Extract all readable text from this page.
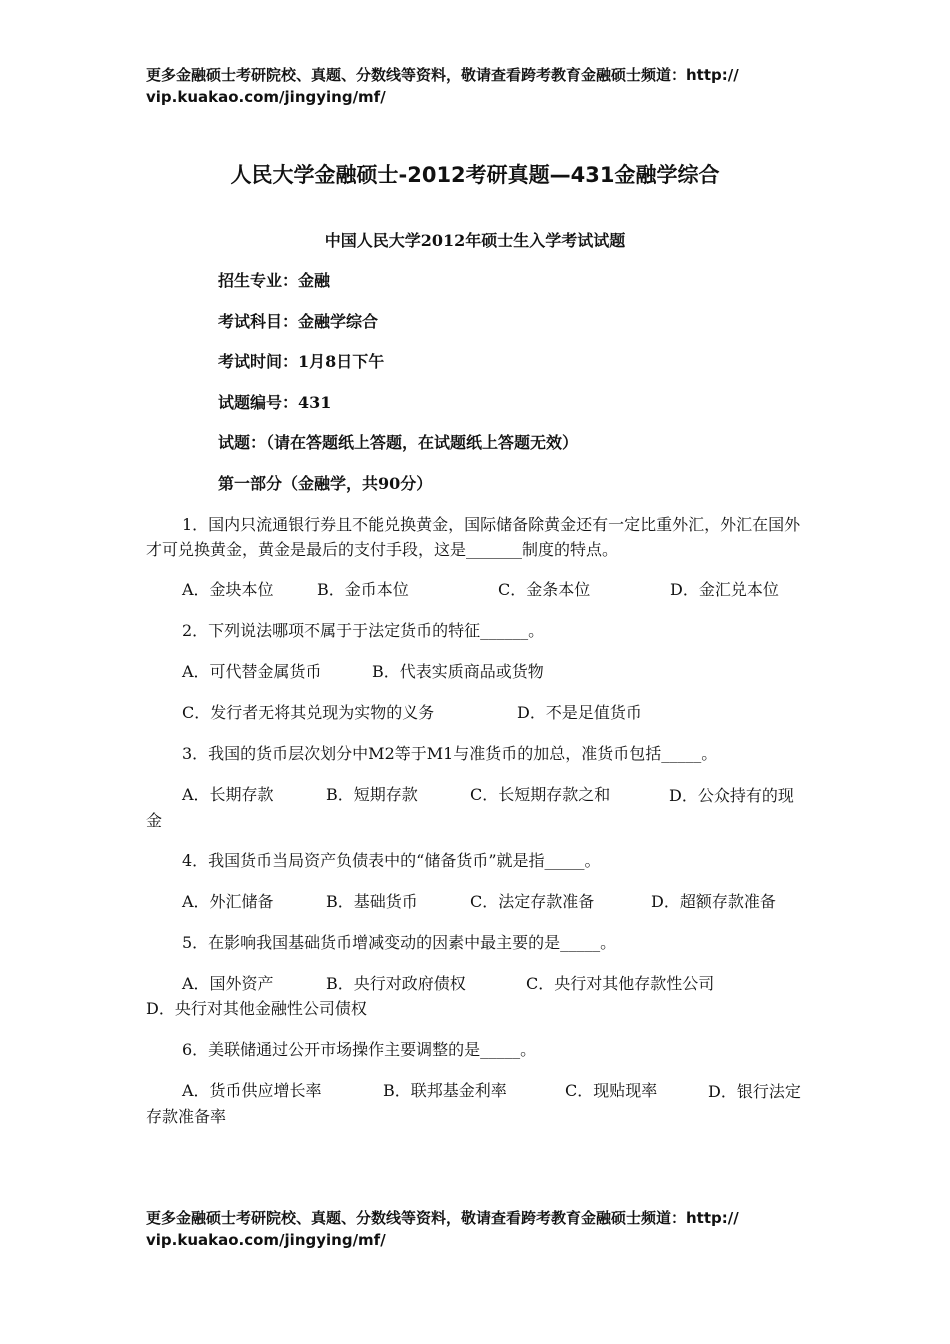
更多金融硕士考研院校、真题、分数线等资料，敬请查看跨考教育金融硕士频道：http://
vip.kuakao.com/jingying/mf/
人民大学金融硕士-2012考研真题—431金融学综合
中国人民大学2012年硕士生入学考试试题
招生专业：金融
考试科目：金融学综合
考试时间：1月8日下午
试题编号：431
试题：（请在答题纸上答题，在试题纸上答题无效）
第一部分（金融学，共90分）
1．国内只流通银行券且不能兑换黄金，国际储备除黄金还有一定比重外汇，外汇在国外才可兑换黄金，黄金是最后的支付手段，这是_______制度的特点。
A．金块本位	B．金币本位	C．金条本位	D．金汇兑本位
2．下列说法哪项不属于于法定货币的特征______。
A．可代替金属货币	B．代表实质商品或货物
C．发行者无将其兑现为实物的义务	D．不是足值货币
3．我国的货币层次划分中M2等于M1与准货币的加总，准货币包括_____。
A．长期存款	B．短期存款	C．长短期存款之和	D．公众持有的现金
4．我国货币当局资产负债表中的“储备货币”就是指_____。
A．外汇储备	B．基础货币	C．法定存款准备	D．超额存款准备
5．在影响我国基础货币增减变动的因素中最主要的是_____。
A．国外资产	B．央行对政府债权	C．央行对其他存款性公司
D．央行对其他金融性公司债权
6．美联储通过公开市场操作主要调整的是_____。
A．货币供应增长率	B．联邦基金利率	C．现贴现率	D．银行法定存款准备率
更多金融硕士考研院校、真题、分数线等资料，敬请查看跨考教育金融硕士频道：http://
vip.kuakao.com/jingying/mf/
